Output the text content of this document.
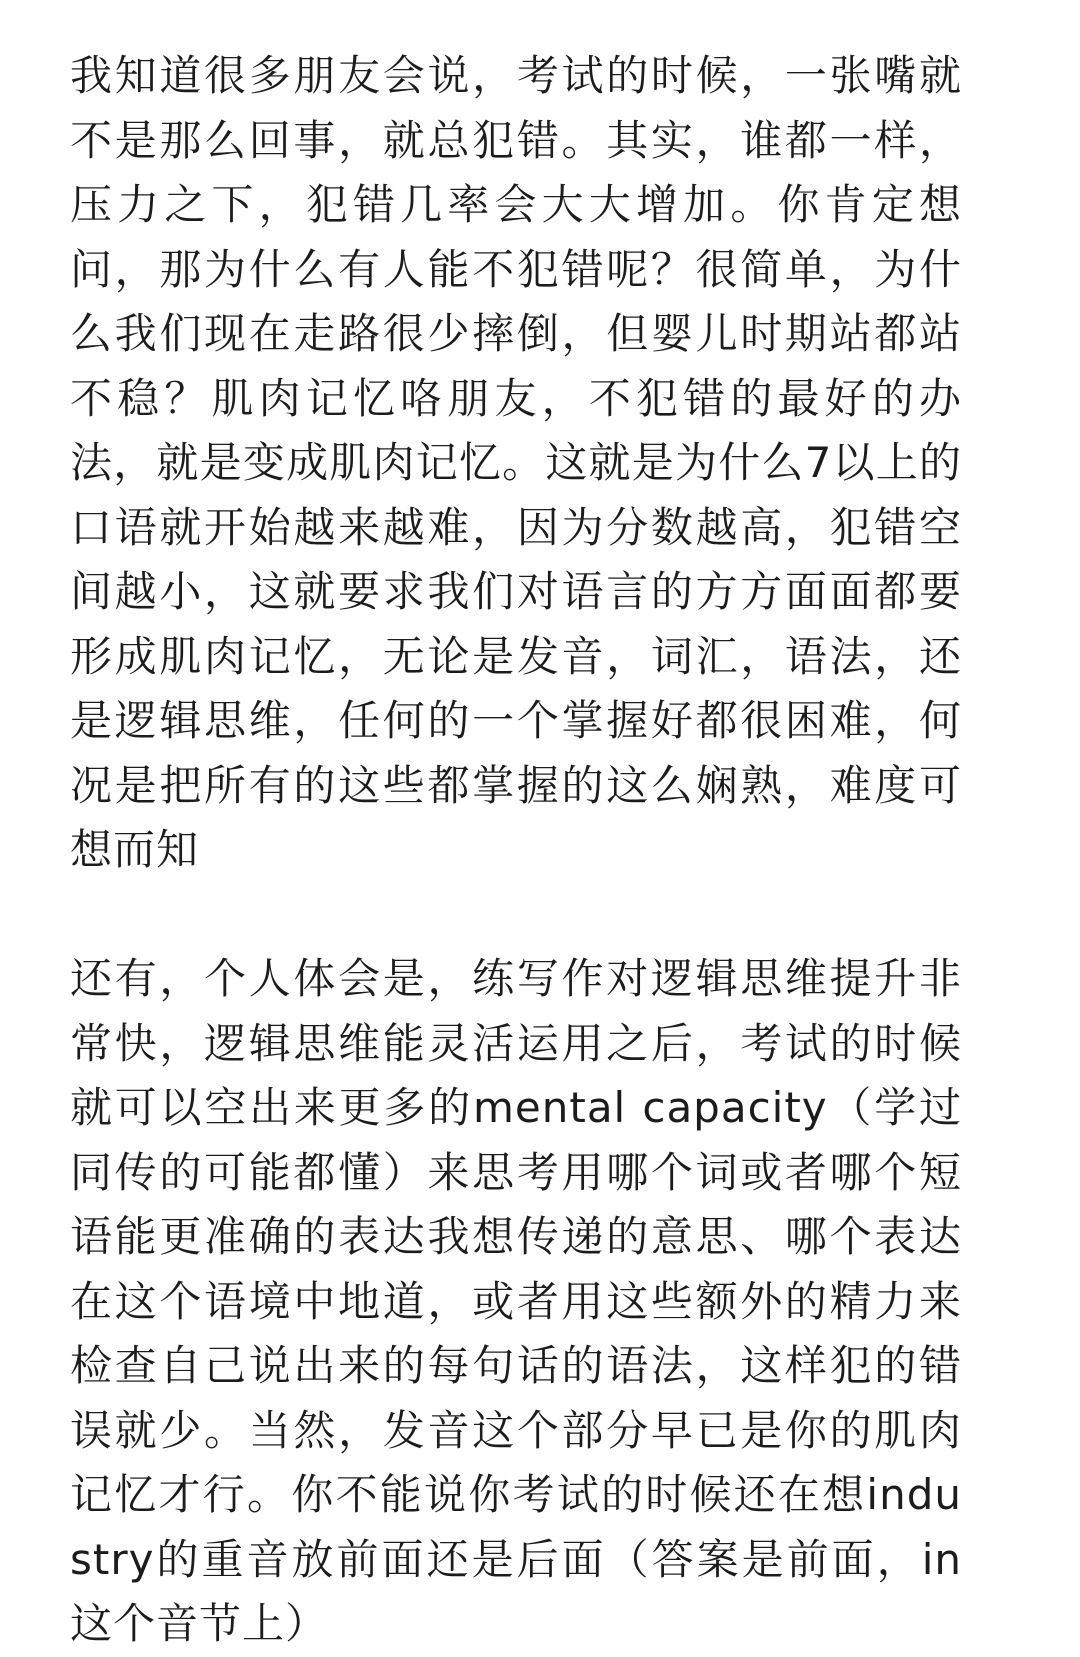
我知道很多朋友会说，考试的时候，一张嘴就不是那么回事，就总犯错。其实，谁都一样，压力之下，犯错几率会大大增加。你肯定想问，那为什么有人能不犯错呢？很简单，为什么我们现在走路很少摔倒，但婴儿时期站都站不稳？肌肉记忆咯朋友，不犯错的最好的办法，就是变成肌肉记忆。这就是为什么7以上的口语就开始越来越难，因为分数越高，犯错空间越小，这就要求我们对语言的方方面面都要形成肌肉记忆，无论是发音，词汇，语法，还是逻辑思维，任何的一个掌握好都很困难，何况是把所有的这些都掌握的这么娴熟，难度可想而知

还有，个人体会是，练写作对逻辑思维提升非常快，逻辑思维能灵活运用之后，考试的时候就可以空出来更多的mental capacity（学过同传的可能都懂）来思考用哪个词或者哪个短语能更准确的表达我想传递的意思、哪个表达在这个语境中地道，或者用这些额外的精力来检查自己说出来的每句话的语法，这样犯的错误就少。当然，发音这个部分早已是你的肌肉记忆才行。你不能说你考试的时候还在想industry的重音放前面还是后面（答案是前面，in这个音节上）
